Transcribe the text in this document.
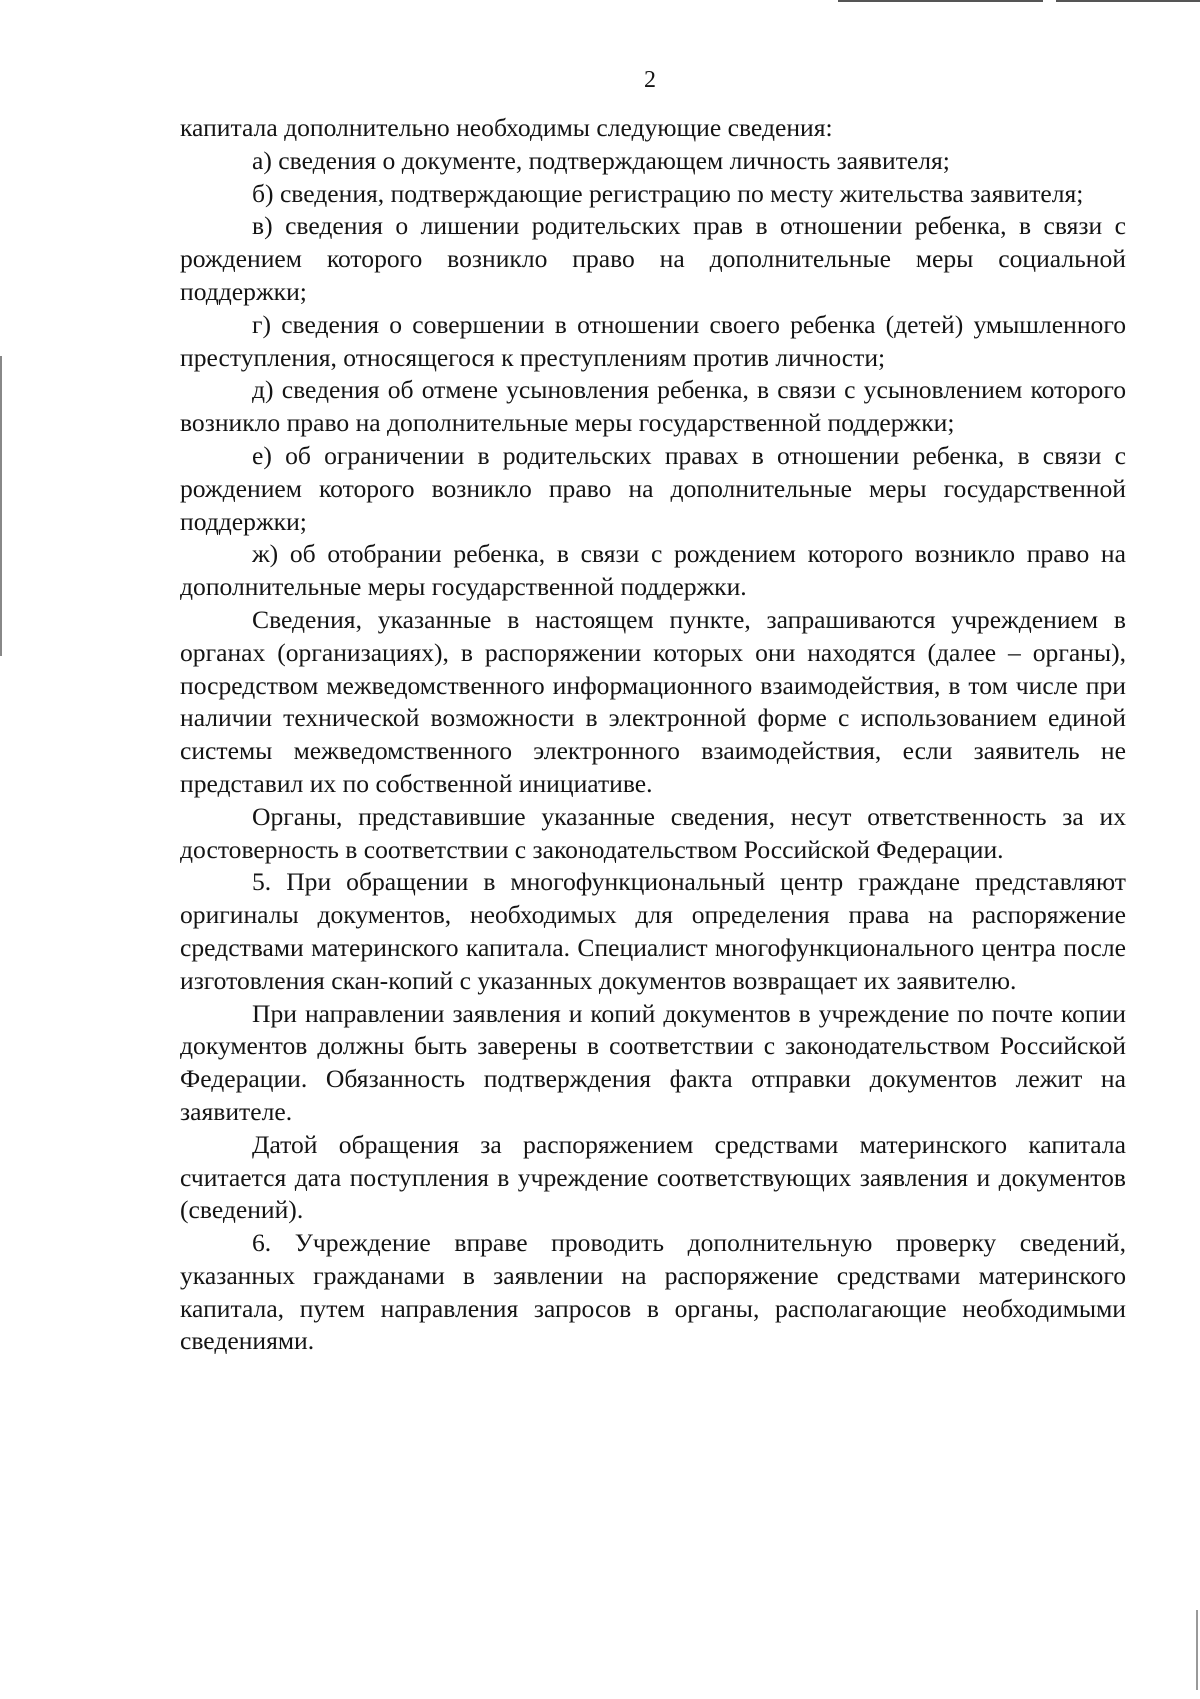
2

капитала дополнительно необходимы следующие сведения:

а) сведения о документе, подтверждающем личность заявителя;

б) сведения, подтверждающие регистрацию по месту жительства заявителя;

в) сведения о лишении родительских прав в отношении ребенка, в связи с рождением которого возникло право на дополнительные меры социальной поддержки;

г) сведения о совершении в отношении своего ребенка (детей) умышленного преступления, относящегося к преступлениям против личности;

д) сведения об отмене усыновления ребенка, в связи с усыновлением которого возникло право на дополнительные меры государственной поддержки;

е) об ограничении в родительских правах в отношении ребенка, в связи с рождением которого возникло право на дополнительные меры государственной поддержки;

ж) об отобрании ребенка, в связи с рождением которого возникло право на дополнительные меры государственной поддержки.

Сведения, указанные в настоящем пункте, запрашиваются учреждением в органах (организациях), в распоряжении которых они находятся (далее – органы), посредством межведомственного информационного взаимодействия, в том числе при наличии технической возможности в электронной форме с использованием единой системы межведомственного электронного взаимодействия, если заявитель не представил их по собственной инициативе.

Органы, представившие указанные сведения, несут ответственность за их достоверность в соответствии с законодательством Российской Федерации.

5. При обращении в многофункциональный центр граждане представляют оригиналы документов, необходимых для определения права на распоряжение средствами материнского капитала. Специалист многофункционального центра после изготовления скан-копий с указанных документов возвращает их заявителю.

При направлении заявления и копий документов в учреждение по почте копии документов должны быть заверены в соответствии с законодательством Российской Федерации. Обязанность подтверждения факта отправки документов лежит на заявителе.

Датой обращения за распоряжением средствами материнского капитала считается дата поступления в учреждение соответствующих заявления и документов (сведений).

6. Учреждение вправе проводить дополнительную проверку сведений, указанных гражданами в заявлении на распоряжение средствами материнского капитала, путем направления запросов в органы, располагающие необходимыми сведениями.
